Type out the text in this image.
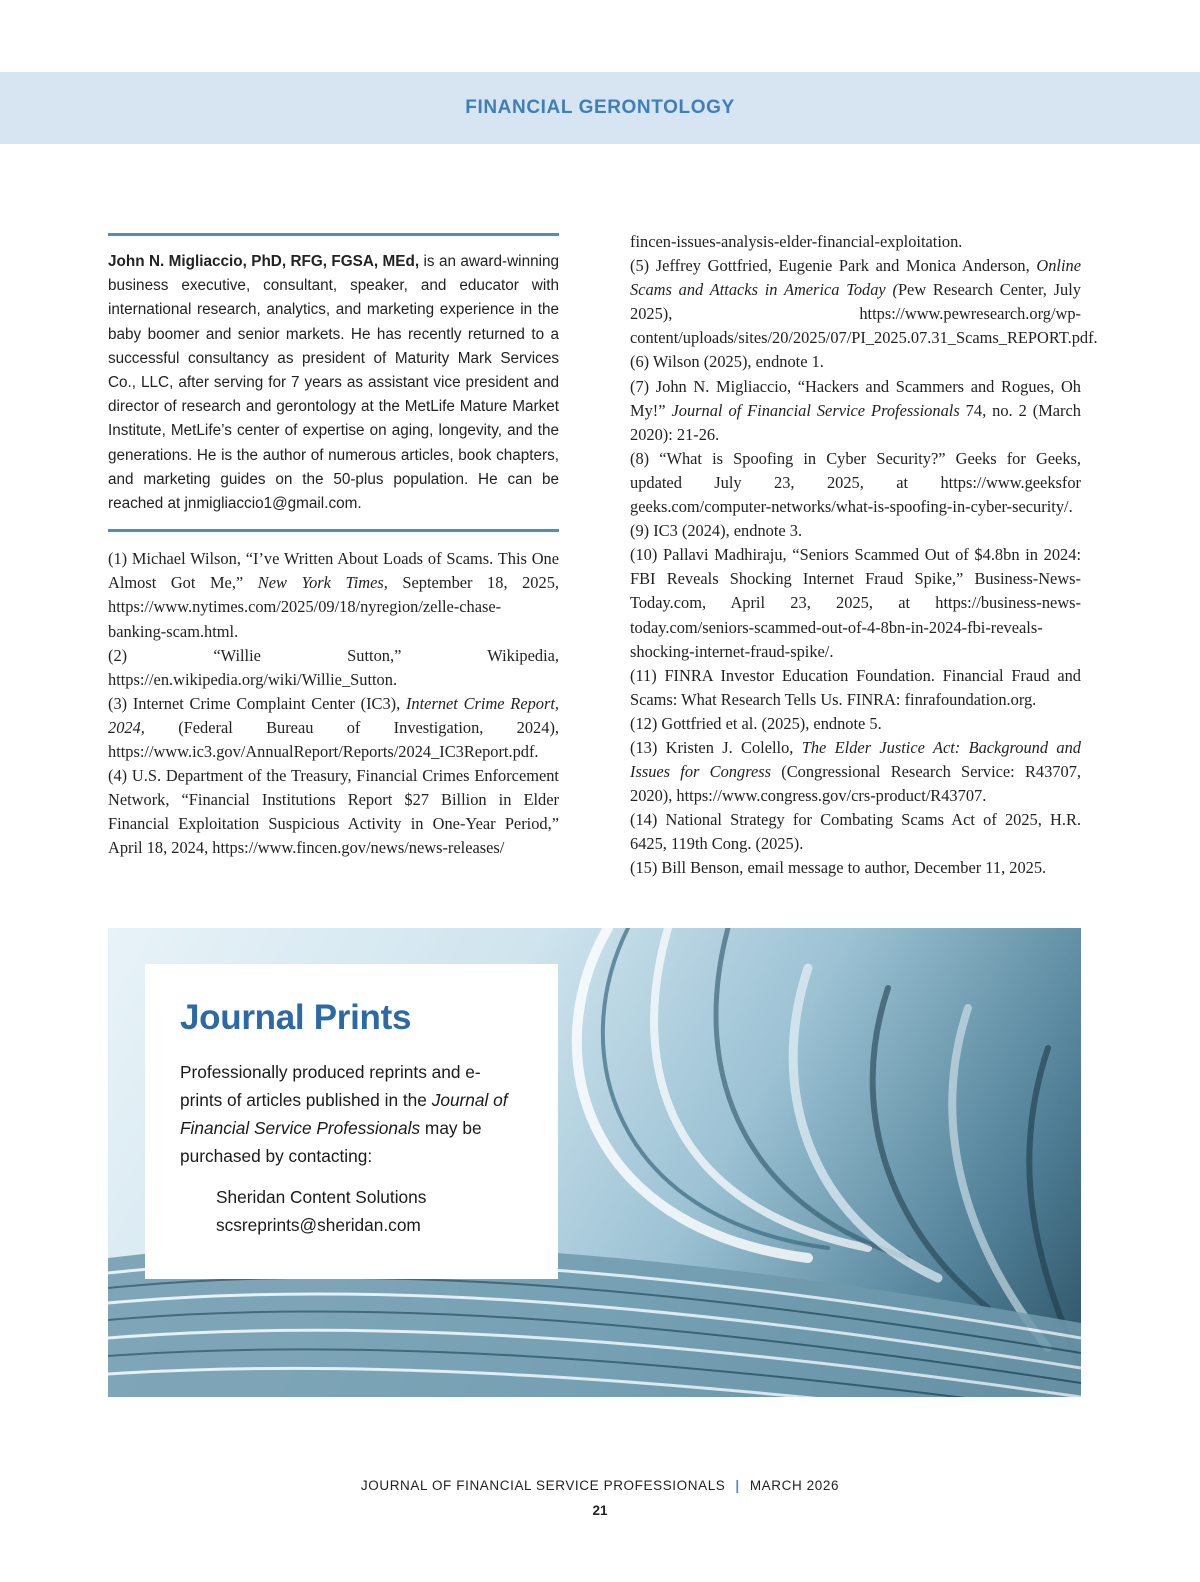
FINANCIAL GERONTOLOGY

John N. Migliaccio, PhD, RFG, FGSA, MEd, is an award-winning business executive, consultant, speaker, and educator with international research, analytics, and marketing experience in the baby boomer and senior markets. He has recently returned to a successful consultancy as president of Maturity Mark Services Co., LLC, after serving for 7 years as assistant vice president and director of research and gerontology at the MetLife Mature Market Institute, MetLife’s center of expertise on aging, longevity, and the generations. He is the author of numerous articles, book chapters, and marketing guides on the 50-plus population. He can be reached at jnmigliaccio1@gmail.com.

(1) Michael Wilson, “I’ve Written About Loads of Scams. This One Almost Got Me,” New York Times, September 18, 2025, https://www.nytimes.com/2025/09/18/nyregion/zelle-chase-banking-scam.html.

(2) “Willie Sutton,” Wikipedia, https://en.wikipedia.org/wiki/Willie_Sutton.

(3) Internet Crime Complaint Center (IC3), Internet Crime Report, 2024, (Federal Bureau of Investigation, 2024), https://www.ic3.gov/AnnualReport/Reports/2024_IC3Report.pdf.

(4) U.S. Department of the Treasury, Financial Crimes Enforcement Network, “Financial Institutions Report $27 Billion in Elder Financial Exploitation Suspicious Activity in One-Year Period,” April 18, 2024, https://www.fincen.gov/news/news-releases/

fincen-issues-analysis-elder-financial-exploitation.

(5) Jeffrey Gottfried, Eugenie Park and Monica Anderson, Online Scams and Attacks in America Today (Pew Research Center, July 2025), https://www.pewresearch.org/wp-content/uploads/sites/20/2025/07/PI_2025.07.31_Scams_REPORT.pdf.

(6) Wilson (2025), endnote 1.

(7) John N. Migliaccio, “Hackers and Scammers and Rogues, Oh My!” Journal of Financial Service Professionals 74, no. 2 (March 2020): 21-26.

(8) “What is Spoofing in Cyber Security?” Geeks for Geeks, updated July 23, 2025, at https://www.geeksfor geeks.com/computer-networks/what-is-spoofing-in-cyber-security/.

(9) IC3 (2024), endnote 3.

(10) Pallavi Madhiraju, “Seniors Scammed Out of $4.8bn in 2024: FBI Reveals Shocking Internet Fraud Spike,” Business-News-Today.com, April 23, 2025, at https://business-news-today.com/seniors-scammed-out-of-4-8bn-in-2024-fbi-reveals-shocking-internet-fraud-spike/.

(11) FINRA Investor Education Foundation. Financial Fraud and Scams: What Research Tells Us. FINRA: finrafoundation.org.

(12) Gottfried et al. (2025), endnote 5.

(13) Kristen J. Colello, The Elder Justice Act: Background and Issues for Congress (Congressional Research Service: R43707, 2020), https://www.congress.gov/crs-product/R43707.

(14) National Strategy for Combating Scams Act of 2025, H.R. 6425, 119th Cong. (2025).

(15) Bill Benson, email message to author, December 11, 2025.

Journal Prints

Professionally produced reprints and e-prints of articles published in the Journal of Financial Service Professionals may be purchased by contacting:

Sheridan Content Solutions
scsreprints@sheridan.com
JOURNAL OF FINANCIAL SERVICE PROFESSIONALS | MARCH 2026
21
